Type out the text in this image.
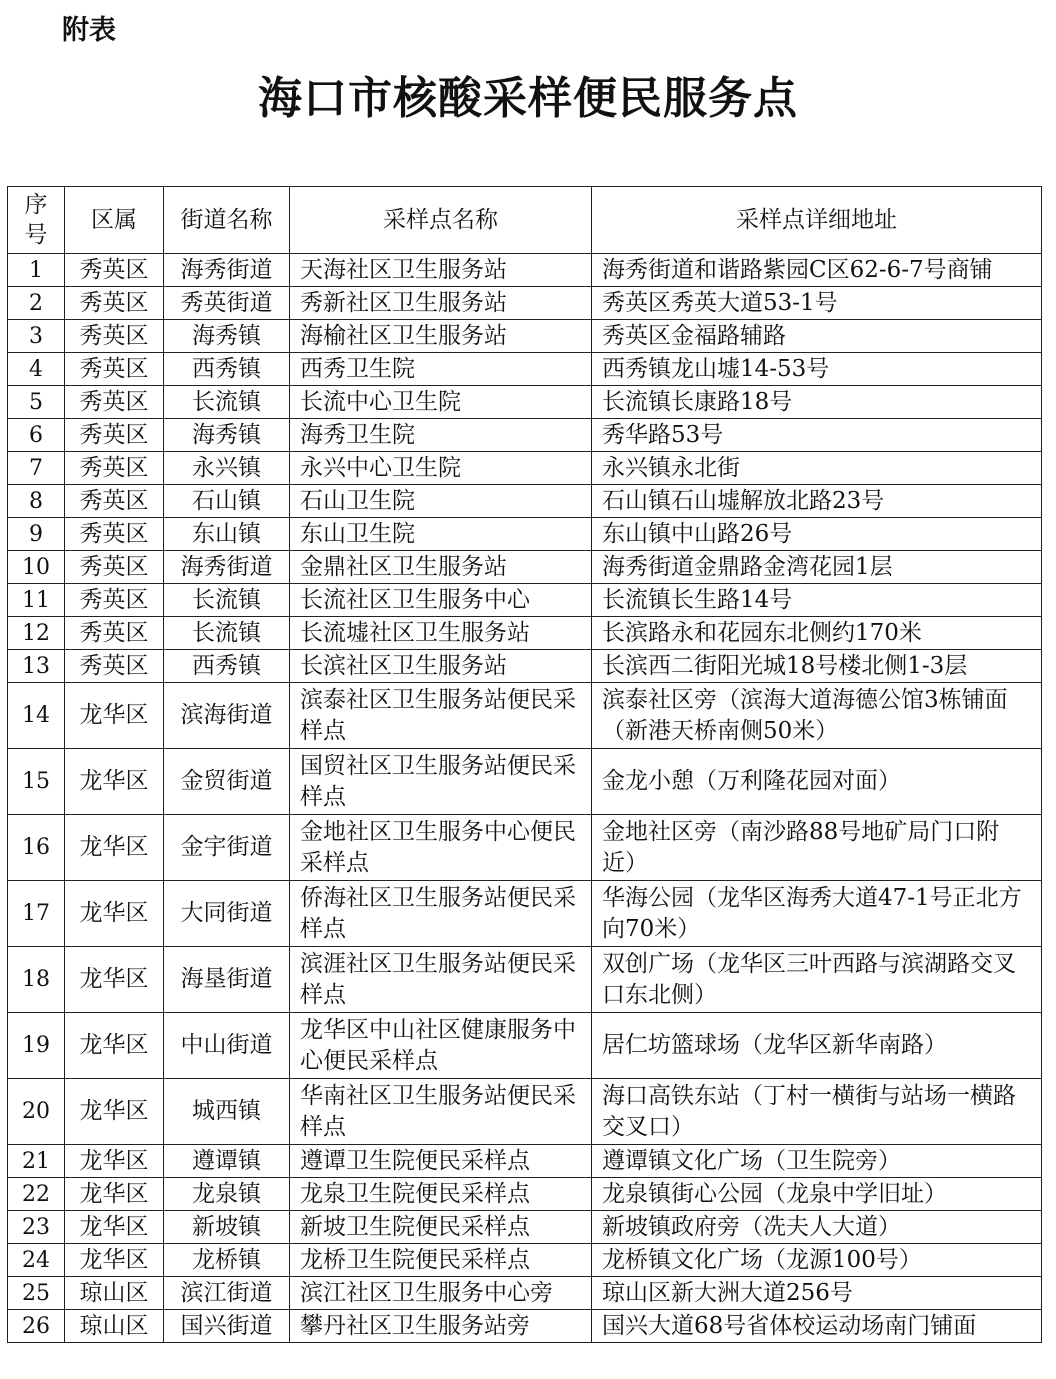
附表
海口市核酸采样便民服务点
序号	区属	街道名称	采样点名称	采样点详细地址
1	秀英区	海秀街道	天海社区卫生服务站	海秀街道和谐路紫园C区62-6-7号商铺
2	秀英区	秀英街道	秀新社区卫生服务站	秀英区秀英大道53-1号
3	秀英区	海秀镇	海榆社区卫生服务站	秀英区金福路辅路
4	秀英区	西秀镇	西秀卫生院	西秀镇龙山墟14-53号
5	秀英区	长流镇	长流中心卫生院	长流镇长康路18号
6	秀英区	海秀镇	海秀卫生院	秀华路53号
7	秀英区	永兴镇	永兴中心卫生院	永兴镇永北街
8	秀英区	石山镇	石山卫生院	石山镇石山墟解放北路23号
9	秀英区	东山镇	东山卫生院	东山镇中山路26号
10	秀英区	海秀街道	金鼎社区卫生服务站	海秀街道金鼎路金湾花园1层
11	秀英区	长流镇	长流社区卫生服务中心	长流镇长生路14号
12	秀英区	长流镇	长流墟社区卫生服务站	长滨路永和花园东北侧约170米
13	秀英区	西秀镇	长滨社区卫生服务站	长滨西二街阳光城18号楼北侧1-3层
14	龙华区	滨海街道	滨泰社区卫生服务站便民采样点	滨泰社区旁（滨海大道海德公馆3栋铺面（新港天桥南侧50米）
15	龙华区	金贸街道	国贸社区卫生服务站便民采样点	金龙小憩（万利隆花园对面）
16	龙华区	金宇街道	金地社区卫生服务中心便民采样点	金地社区旁（南沙路88号地矿局门口附近）
17	龙华区	大同街道	侨海社区卫生服务站便民采样点	华海公园（龙华区海秀大道47-1号正北方向70米）
18	龙华区	海垦街道	滨涯社区卫生服务站便民采样点	双创广场（龙华区三叶西路与滨湖路交叉口东北侧）
19	龙华区	中山街道	龙华区中山社区健康服务中心便民采样点	居仁坊篮球场（龙华区新华南路）
20	龙华区	城西镇	华南社区卫生服务站便民采样点	海口高铁东站（丁村一横街与站场一横路交叉口）
21	龙华区	遵谭镇	遵谭卫生院便民采样点	遵谭镇文化广场（卫生院旁）
22	龙华区	龙泉镇	龙泉卫生院便民采样点	龙泉镇街心公园（龙泉中学旧址）
23	龙华区	新坡镇	新坡卫生院便民采样点	新坡镇政府旁（冼夫人大道）
24	龙华区	龙桥镇	龙桥卫生院便民采样点	龙桥镇文化广场（龙源100号）
25	琼山区	滨江街道	滨江社区卫生服务中心旁	琼山区新大洲大道256号
26	琼山区	国兴街道	攀丹社区卫生服务站旁	国兴大道68号省体校运动场南门铺面
